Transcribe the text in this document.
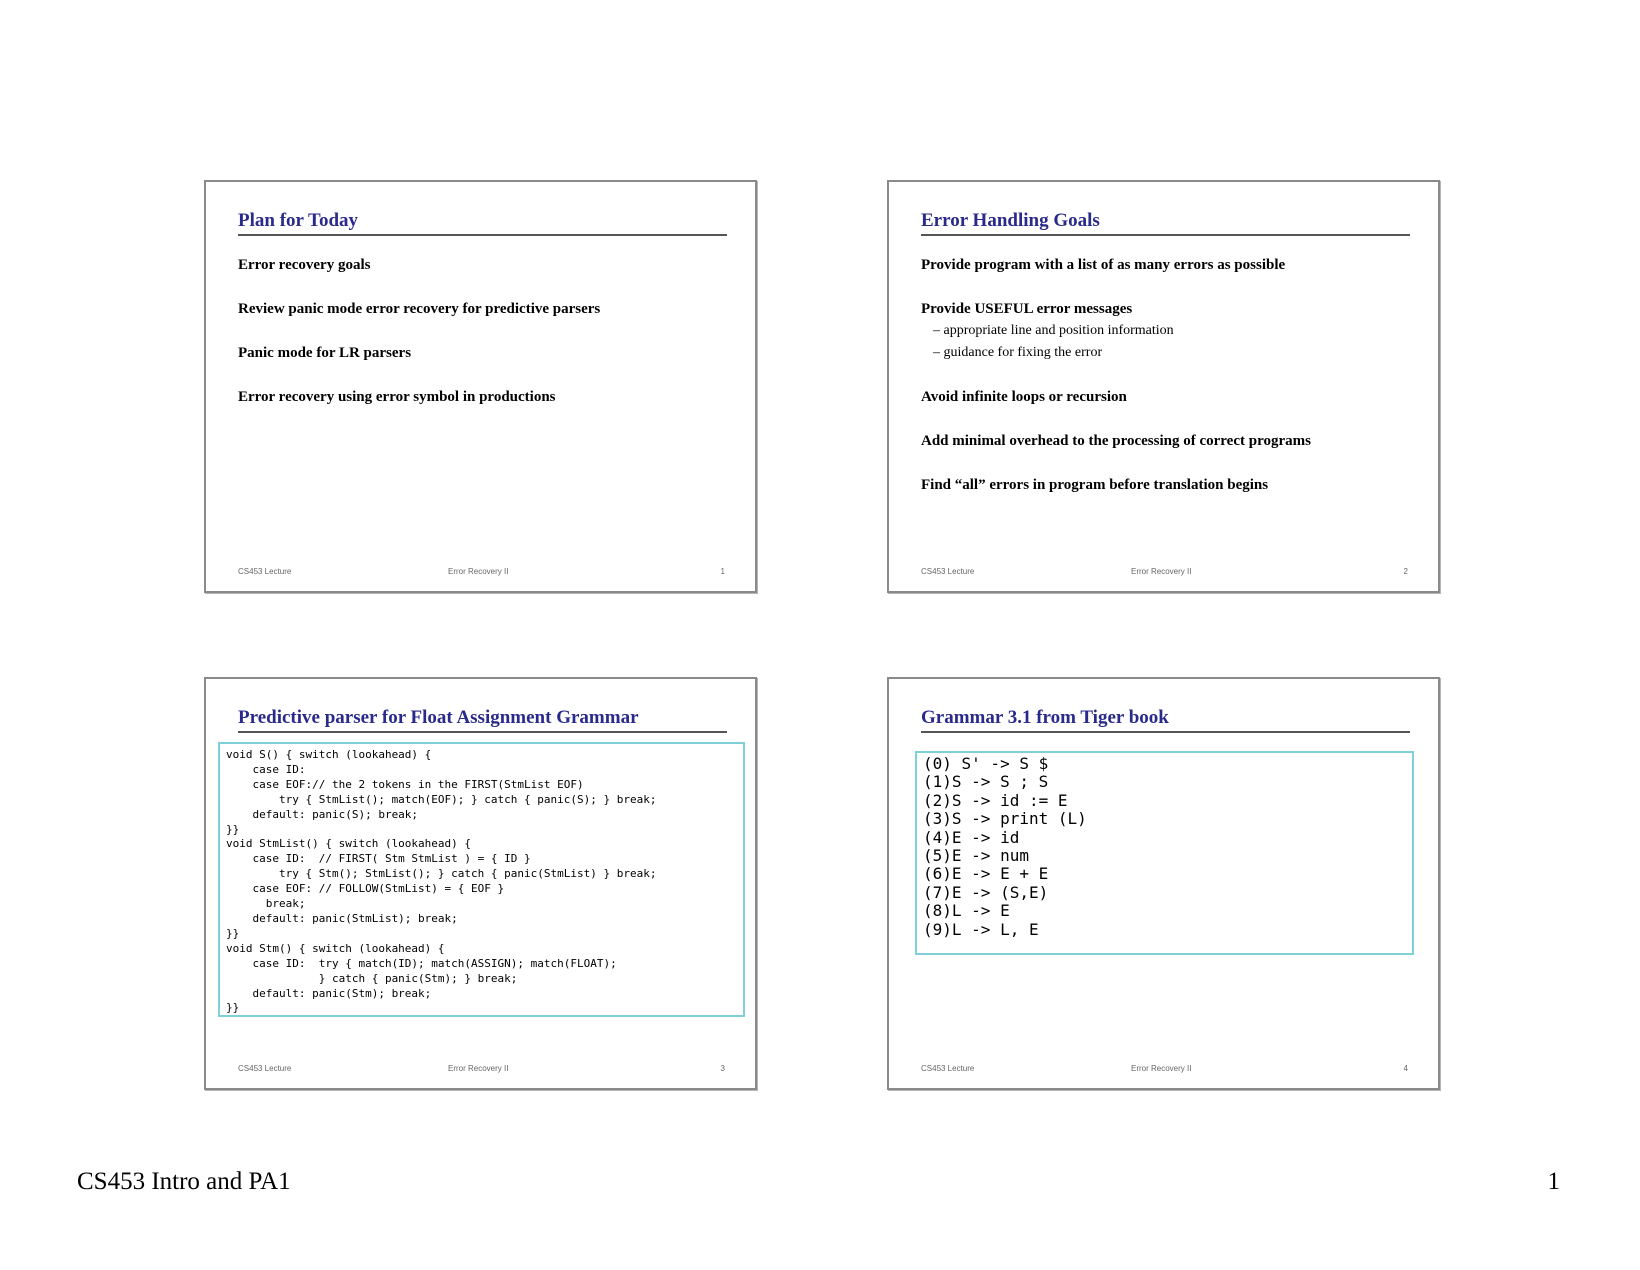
Plan for Today
Error recovery goals
Review panic mode error recovery for predictive parsers
Panic mode for LR parsers
Error recovery using error symbol in productions
CS453 Lecture	Error Recovery II	1
Error Handling Goals
Provide program with a list of as many errors as possible
Provide USEFUL error messages
– appropriate line and position information
– guidance for fixing the error
Avoid infinite loops or recursion
Add minimal overhead to the processing of correct programs
Find “all” errors in program before translation begins
CS453 Lecture	Error Recovery II	2
Predictive parser for Float Assignment Grammar
void S() { switch (lookahead) {
case ID:
case EOF:// the 2 tokens in the FIRST(StmList EOF)
try { StmList(); match(EOF); } catch { panic(S); } break;
default: panic(S); break;
}}
void StmList() { switch (lookahead) {
case ID:  // FIRST( Stm StmList ) = { ID }
try { Stm(); StmList(); } catch { panic(StmList) } break;
case EOF: // FOLLOW(StmList) = { EOF }
break;
default: panic(StmList); break;
}}
void Stm() { switch (lookahead) {
case ID:  try { match(ID); match(ASSIGN); match(FLOAT);
} catch { panic(Stm); } break;
default: panic(Stm); break;
}}
CS453 Lecture	Error Recovery II	3
Grammar 3.1 from Tiger book
(0) S' -> S $
(1)S -> S ; S
(2)S -> id := E
(3)S -> print (L)
(4)E -> id
(5)E -> num
(6)E -> E + E
(7)E -> (S,E)
(8)L -> E
(9)L -> L, E
CS453 Lecture	Error Recovery II	4
CS453 Intro and PA1	1
